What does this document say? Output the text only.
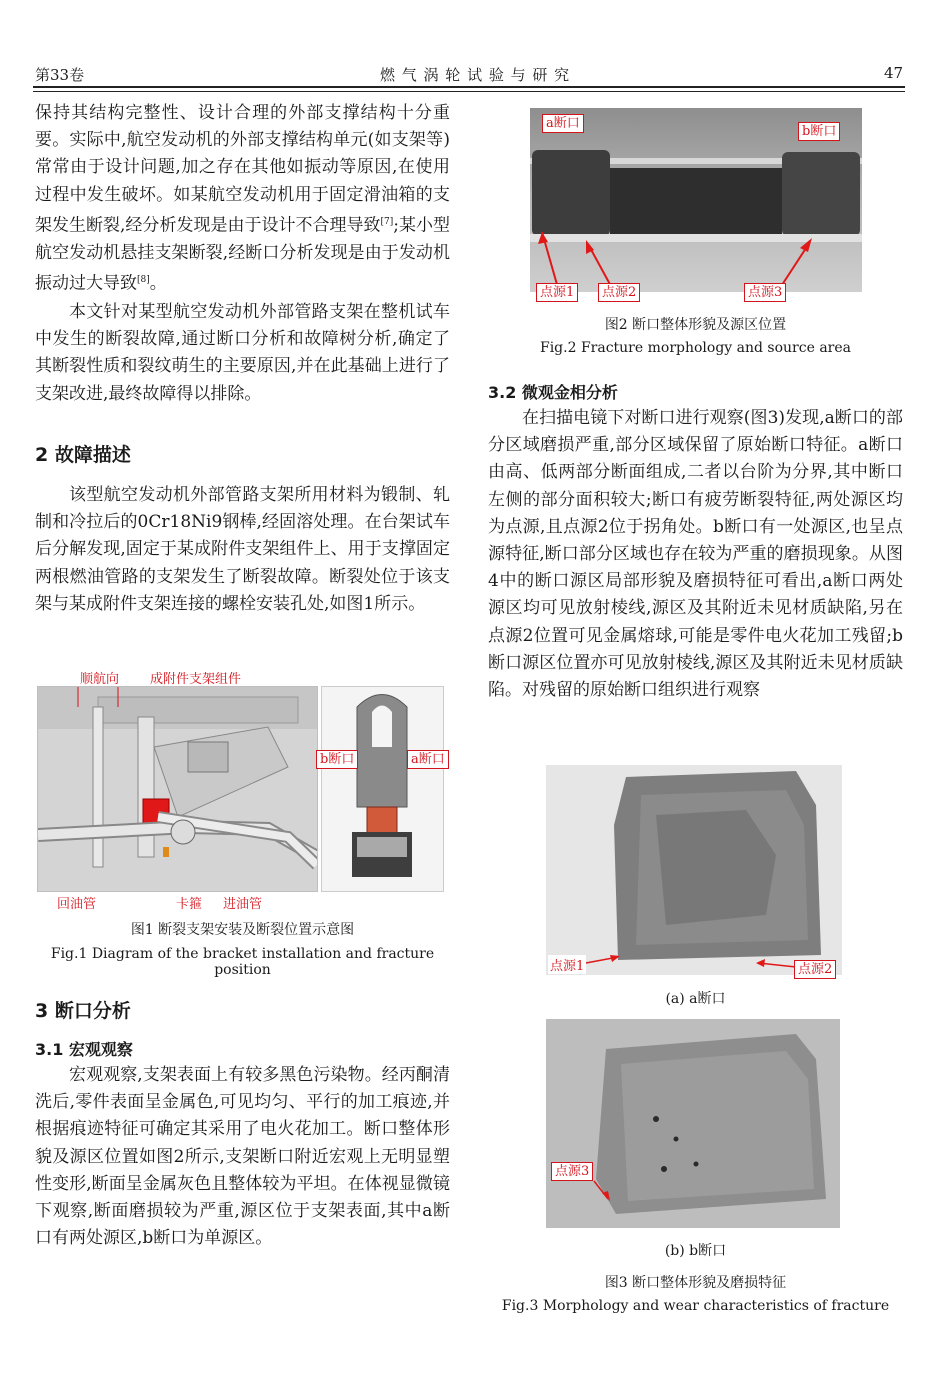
第33卷	燃 气 涡 轮 试 验 与 研 究	47

保持其结构完整性、设计合理的外部支撑结构十分重要。实际中,航空发动机的外部支撑结构单元(如支架等)常常由于设计问题,加之存在其他如振动等原因,在使用过程中发生破坏。如某航空发动机用于固定滑油箱的支架发生断裂,经分析发现是由于设计不合理导致[7];某小型航空发动机悬挂支架断裂,经断口分析发现是由于发动机振动过大导致[8]。

本文针对某型航空发动机外部管路支架在整机试车中发生的断裂故障,通过断口分析和故障树分析,确定了其断裂性质和裂纹萌生的主要原因,并在此基础上进行了支架改进,最终故障得以排除。

2 故障描述

该型航空发动机外部管路支架所用材料为锻制、轧制和冷拉后的0Cr18Ni9钢棒,经固溶处理。在台架试车后分解发现,固定于某成附件支架组件上、用于支撑固定两根燃油管路的支架发生了断裂故障。断裂处位于该支架与某成附件支架连接的螺栓安装孔处,如图1所示。

顺航向 成附件支架组件
回油管	卡箍 进油管
b断口	a断口
图1 断裂支架安装及断裂位置示意图
Fig.1 Diagram of the bracket installation and fracture position
3 断口分析
3.1 宏观观察

宏观观察,支架表面上有较多黑色污染物。经丙酮清洗后,零件表面呈金属色,可见均匀、平行的加工痕迹,并根据痕迹特征可确定其采用了电火花加工。断口整体形貌及源区位置如图2所示,支架断口附近宏观上无明显塑性变形,断面呈金属灰色且整体较为平坦。在体视显微镜下观察,断面磨损较为严重,源区位于支架表面,其中a断口有两处源区,b断口为单源区。

a断口
b断口
点源1	点源2	点源3
图2 断口整体形貌及源区位置
Fig.2 Fracture morphology and source area
3.2 微观金相分析

在扫描电镜下对断口进行观察(图3)发现,a断口的部分区域磨损严重,部分区域保留了原始断口特征。a断口由高、低两部分断面组成,二者以台阶为分界,其中断口左侧的部分面积较大;断口有疲劳断裂特征,两处源区均为点源,且点源2位于拐角处。b断口有一处源区,也呈点源特征,断口部分区域也存在较为严重的磨损现象。从图4中的断口源区局部形貌及磨损特征可看出,a断口两处源区均可见放射棱线,源区及其附近未见材质缺陷,另在点源2位置可见金属熔球,可能是零件电火花加工残留;b断口源区位置亦可见放射棱线,源区及其附近未见材质缺陷。对残留的原始断口组织进行观察

点源1	点源2
(a) a断口
点源3
(b) b断口
图3 断口整体形貌及磨损特征
Fig.3 Morphology and wear characteristics of fracture
